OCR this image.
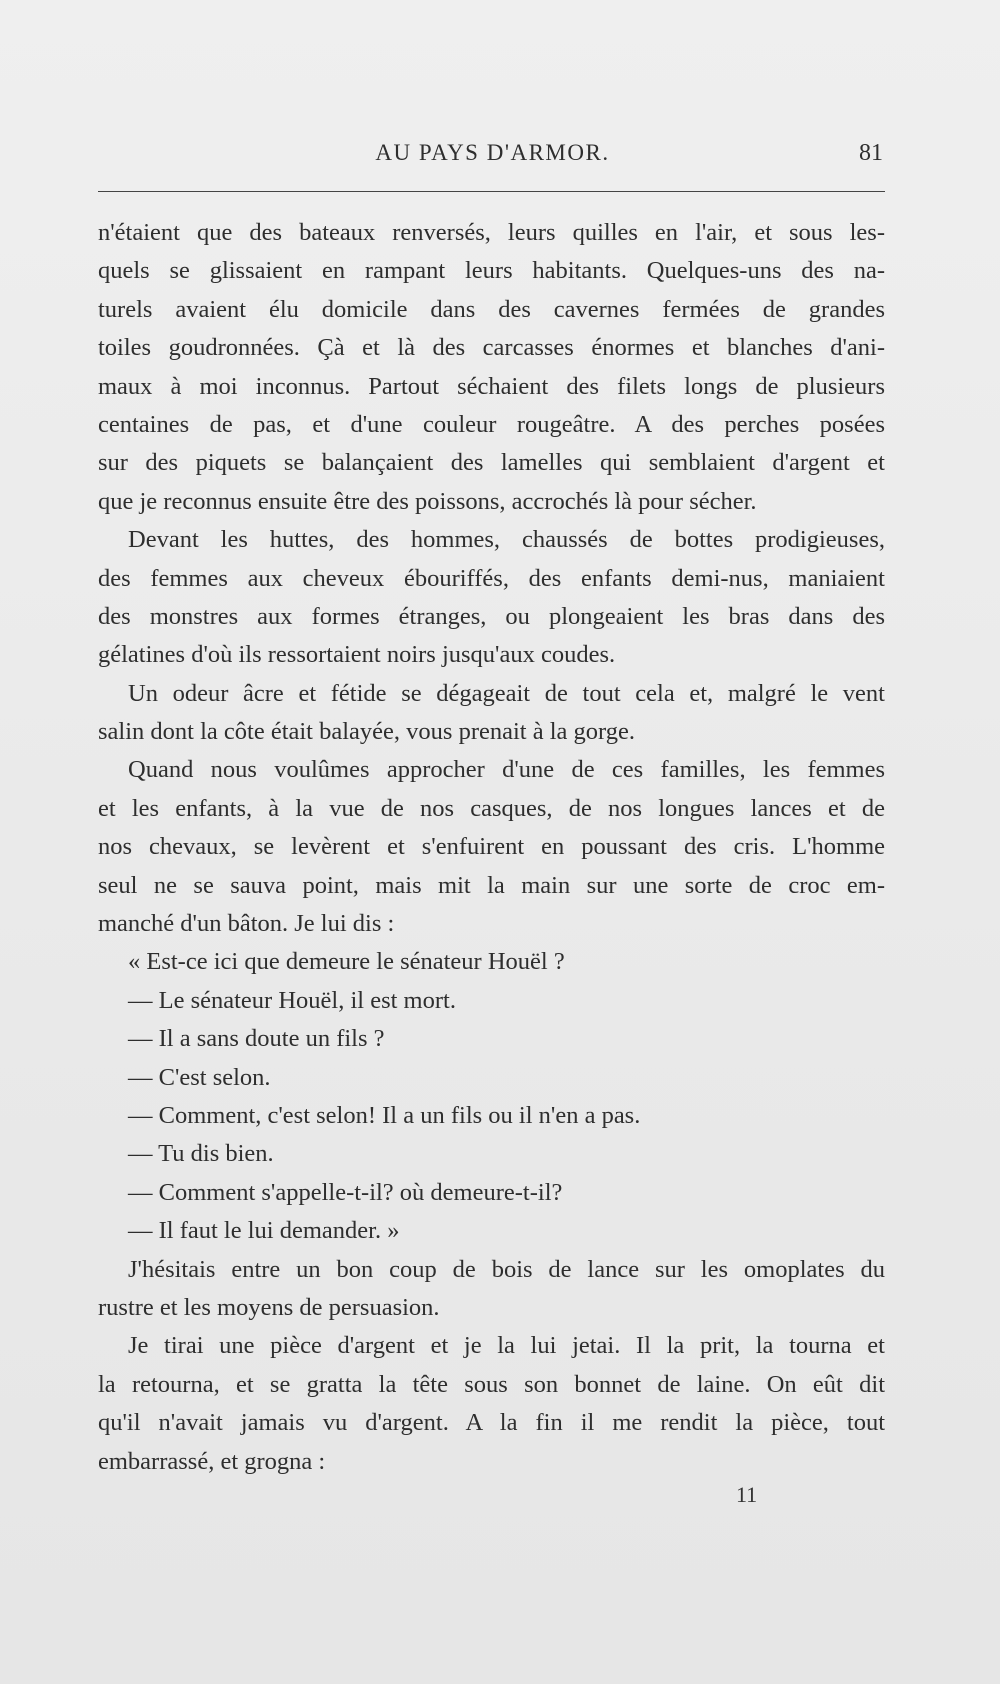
AU PAYS D'ARMOR.	81
n'étaient que des bateaux renversés, leurs quilles en l'air, et sous les-
quels se glissaient en rampant leurs habitants. Quelques-uns des na-
turels avaient élu domicile dans des cavernes fermées de grandes
toiles goudronnées. Çà et là des carcasses énormes et blanches d'ani-
maux à moi inconnus. Partout séchaient des filets longs de plusieurs
centaines de pas, et d'une couleur rougeâtre. A des perches posées
sur des piquets se balançaient des lamelles qui semblaient d'argent et
que je reconnus ensuite être des poissons, accrochés là pour sécher.
Devant les huttes, des hommes, chaussés de bottes prodigieuses,
des femmes aux cheveux ébouriffés, des enfants demi-nus, maniaient
des monstres aux formes étranges, ou plongeaient les bras dans des
gélatines d'où ils ressortaient noirs jusqu'aux coudes.
Un odeur âcre et fétide se dégageait de tout cela et, malgré le vent
salin dont la côte était balayée, vous prenait à la gorge.
Quand nous voulûmes approcher d'une de ces familles, les femmes
et les enfants, à la vue de nos casques, de nos longues lances et de
nos chevaux, se levèrent et s'enfuirent en poussant des cris. L'homme
seul ne se sauva point, mais mit la main sur une sorte de croc em-
manché d'un bâton. Je lui dis :
« Est-ce ici que demeure le sénateur Houël ?
— Le sénateur Houël, il est mort.
— Il a sans doute un fils ?
— C'est selon.
— Comment, c'est selon! Il a un fils ou il n'en a pas.
— Tu dis bien.
— Comment s'appelle-t-il? où demeure-t-il?
— Il faut le lui demander. »
J'hésitais entre un bon coup de bois de lance sur les omoplates du
rustre et les moyens de persuasion.
Je tirai une pièce d'argent et je la lui jetai. Il la prit, la tourna et
la retourna, et se gratta la tête sous son bonnet de laine. On eût dit
qu'il n'avait jamais vu d'argent. A la fin il me rendit la pièce, tout
embarrassé, et grogna :
11
